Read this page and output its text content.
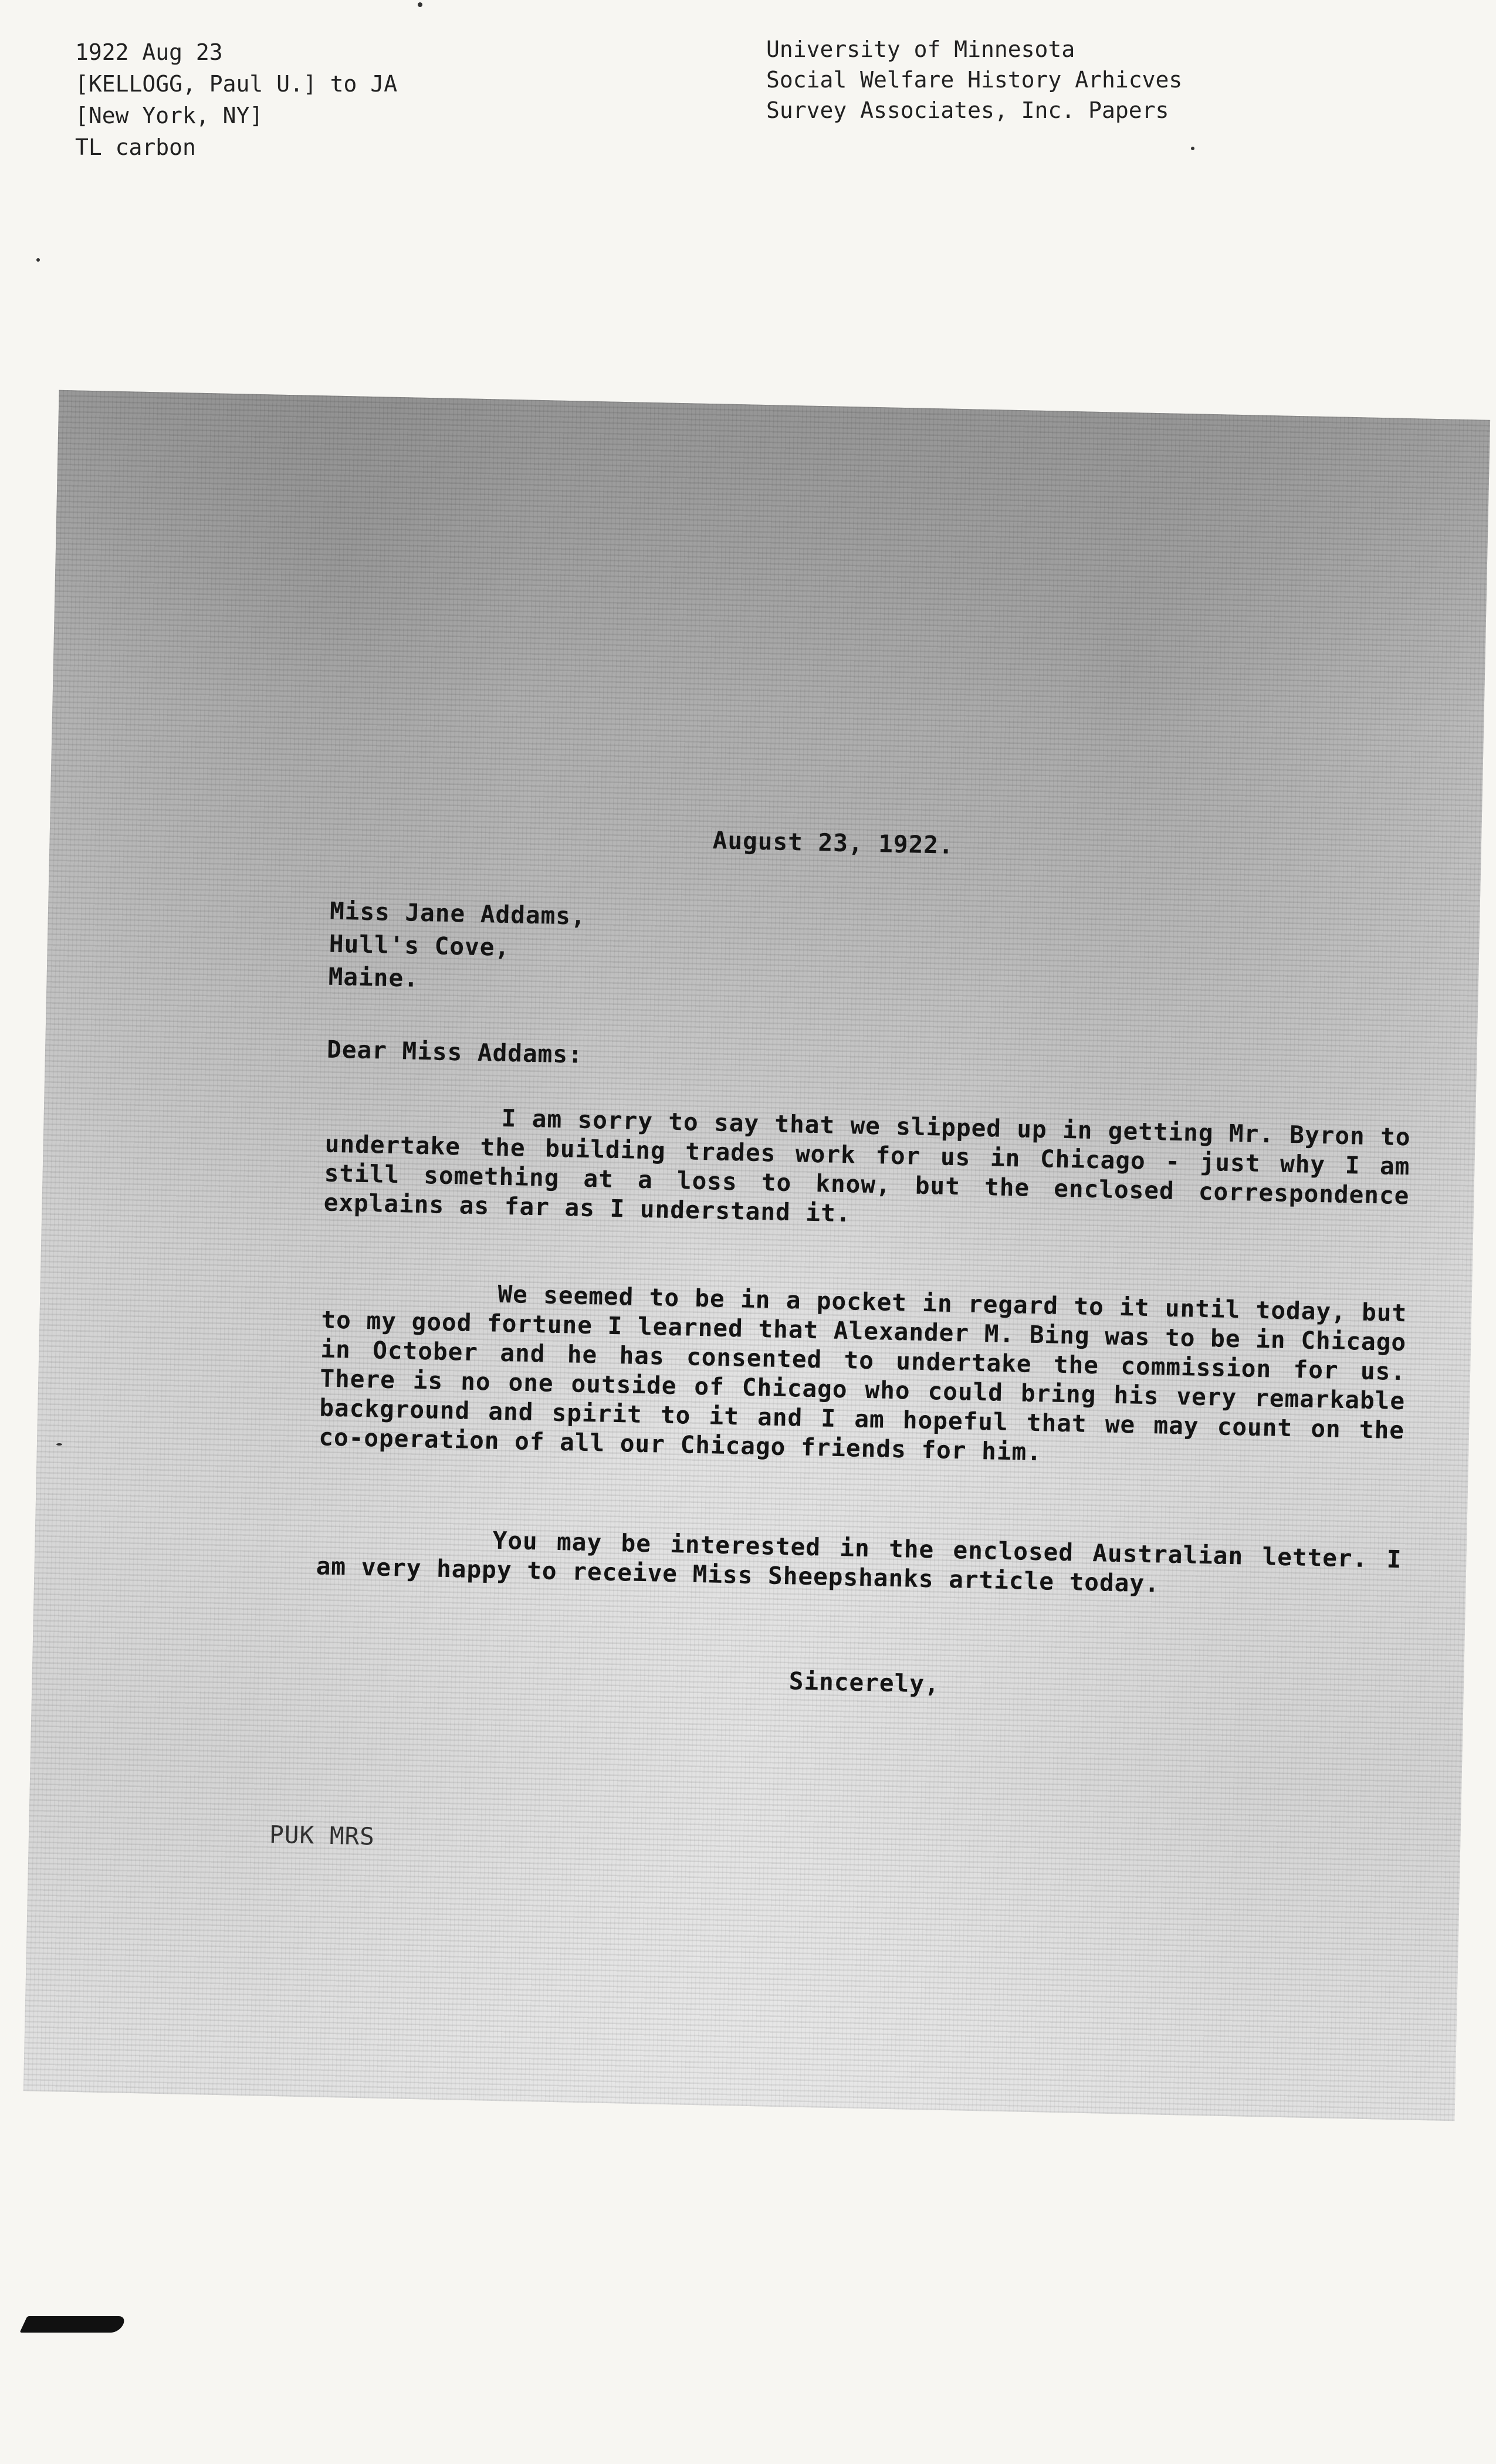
1922 Aug 23
[KELLOGG, Paul U.] to JA
[New York, NY]
TL carbon
University of Minnesota
Social Welfare History Arhicves
Survey Associates, Inc. Papers
August 23, 1922.
Miss Jane Addams,
Hull's Cove,
Maine.
Dear Miss Addams:
I am sorry to say that we slipped up in getting Mr. Byron to undertake the building trades work for us in Chicago - just why I am still something at a loss to know, but the enclosed correspondence explains as far as I understand it.
We seemed to be in a pocket in regard to it until today, but to my good fortune I learned that Alexander M. Bing was to be in Chicago in October and he has consented to undertake the commission for us. There is no one outside of Chicago who could bring his very remarkable background and spirit to it and I am hopeful that we may count on the co-operation of all our Chicago friends for him.
You may be interested in the enclosed Australian letter. I am very happy to receive Miss Sheepshanks article today.
Sincerely,
PUK MRS
